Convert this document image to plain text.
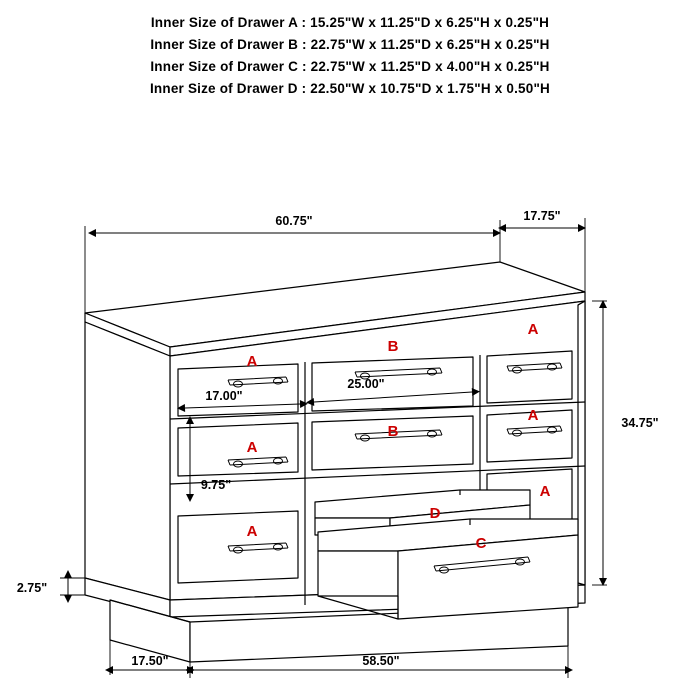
Inner Size of Drawer A : 15.25"W x 11.25"D x 6.25"H x 0.25"H
Inner Size of Drawer B : 22.75"W x 11.25"D x 6.25"H x 0.25"H
Inner Size of Drawer C : 22.75"W x 11.25"D x 4.00"H x 0.25"H
Inner Size of Drawer D : 22.50"W x 10.75"D x 1.75"H x 0.50"H
60.75"	17.75"
34.75"
17.00"
25.00"
9.75"
2.75"
17.50"	58.50"
A
B
A
A
B
A
A
A
D
C
